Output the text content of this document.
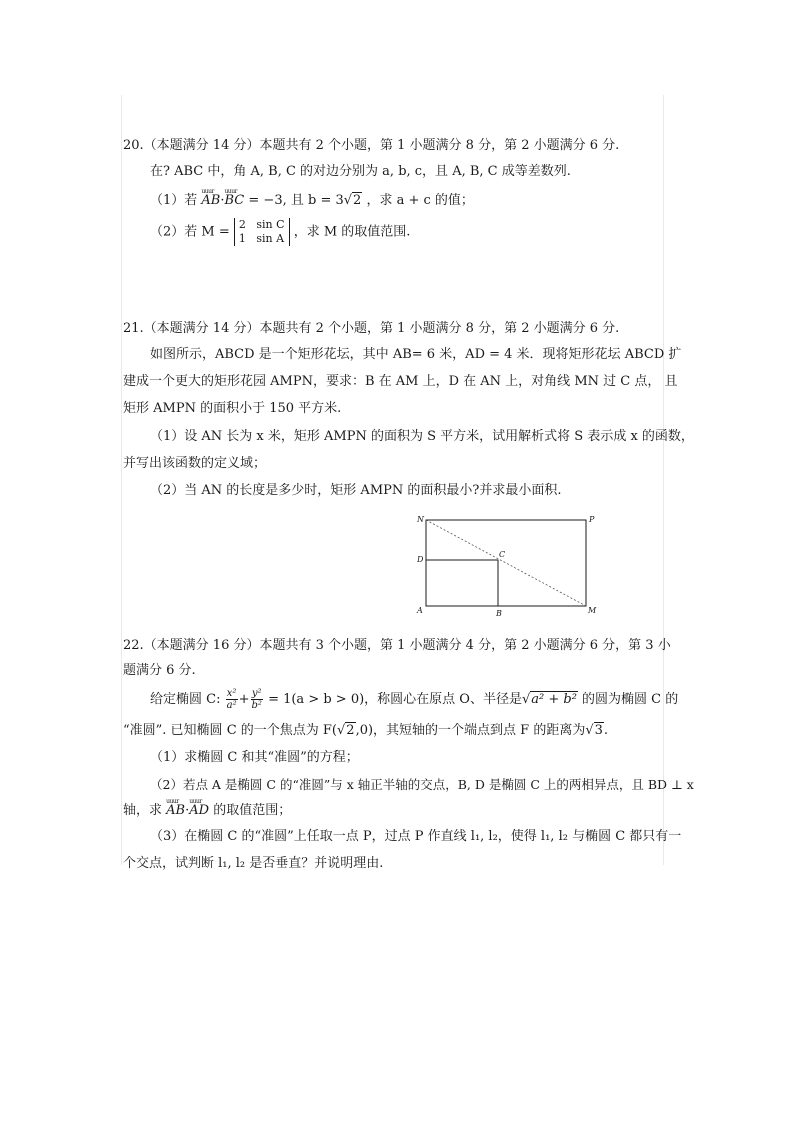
20.（本题满分 14 分）本题共有 2 个小题，第 1 小题满分 8 分，第 2 小题满分 6 分.
在? ABC 中，角 A, B, C 的对边分别为 a, b, c，且 A, B, C 成等差数列.
（1）若 uuur AB·uuur BC = −3, 且 b = 3√2 ，求 a + c 的值；
（2）若 M = 2 sin C
1 sin A ，求 M 的取值范围.
21.（本题满分 14 分）本题共有 2 个小题，第 1 小题满分 8 分，第 2 小题满分 6 分.
如图所示，ABCD 是一个矩形花坛，其中 AB= 6 米，AD = 4 米．现将矩形花坛 ABCD 扩
建成一个更大的矩形花园 AMPN，要求：B 在 AM 上，D 在 AN 上，对角线 MN 过 C 点， 且
矩形 AMPN 的面积小于 150 平方米.
（1）设 AN 长为 x 米，矩形 AMPN 的面积为 S 平方米，试用解析式将 S 表示成 x 的函数，
并写出该函数的定义域；
（2）当 AN 的长度是多少时，矩形 AMPN 的面积最小?并求最小面积.
N	P
D
C
A	B	M
22.（本题满分 16 分）本题共有 3 个小题，第 1 小题满分 4 分，第 2 小题满分 6 分，第 3 小
题满分 6 分.
给定椭圆 C: $\frac{\text{x²}}{\text{a²}} + \frac{\text{y²}}{\text{b²}} = 1(a > b > 0)$，称圆心在原点 O、半径是√a² + b² 的圆为椭圆 C 的
“准圆”. 已知椭圆 C 的一个焦点为 F(√2,0)，其短轴的一个端点到点 F 的距离为√3.
（1）求椭圆 C 和其“准圆”的方程；
（2）若点 A 是椭圆 C 的“准圆”与 x 轴正半轴的交点，B, D 是椭圆 C 上的两相异点，且 BD ⊥ x
轴，求 uuur AB·uuur AD 的取值范围；
（3）在椭圆 C 的“准圆”上任取一点 P，过点 P 作直线 l₁, l₂，使得 l₁, l₂ 与椭圆 C 都只有一
个交点，试判断 l₁, l₂ 是否垂直？并说明理由.
